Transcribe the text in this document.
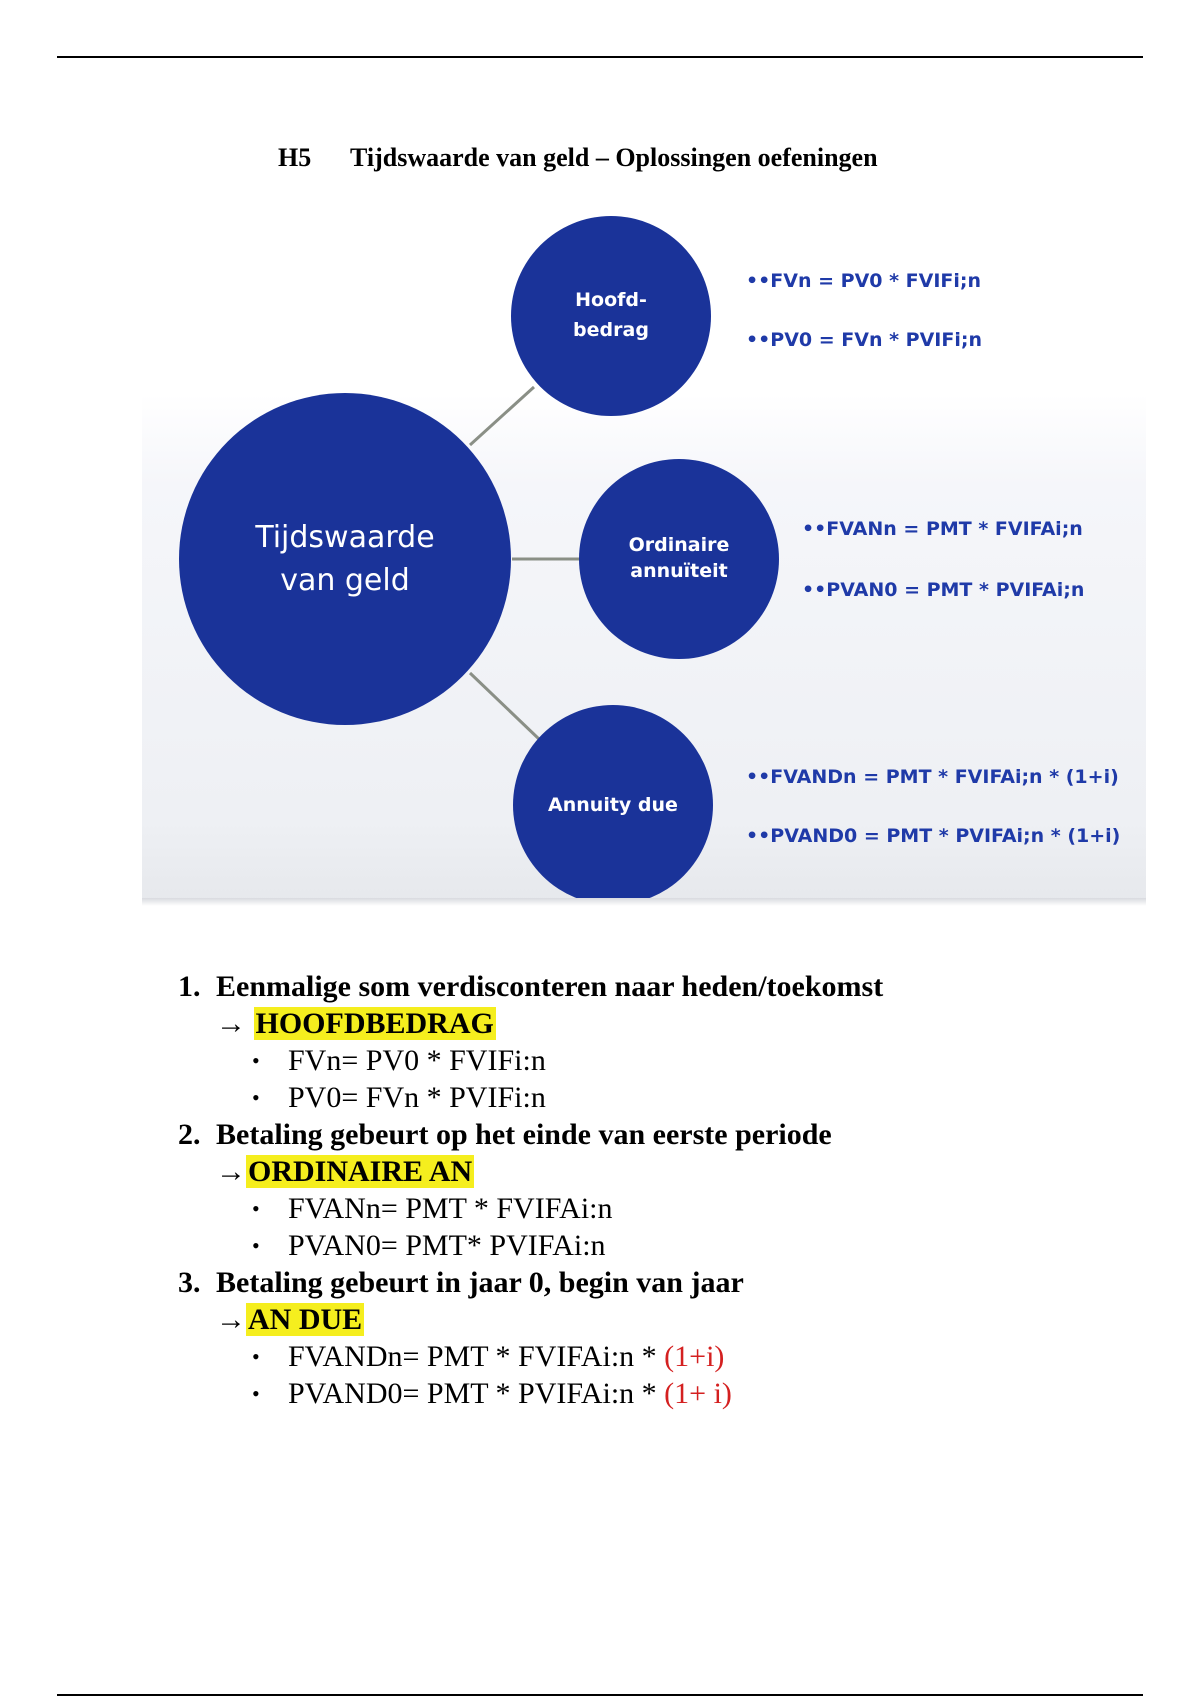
H5 Tijdswaarde van geld – Oplossingen oefeningen
Tijdswaarde
van geld
Hoofd-
bedrag
Ordinaire
annuïteit
Annuity due
••FVn = PV0 * FVIFi;n
••PV0 = FVn * PVIFi;n
••FVANn = PMT * FVIFAi;n
••PVAN0 = PMT * PVIFAi;n
••FVANDn = PMT * FVIFAi;n * (1+i)
••PVAND0 = PMT * PVIFAi;n * (1+i)
1. Eenmalige som verdisconteren naar heden/toekomst
→ HOOFDBEDRAG
• FVn= PV0 * FVIFi:n
• PV0= FVn * PVIFi:n
2. Betaling gebeurt op het einde van eerste periode
→ORDINAIRE AN
• FVANn= PMT * FVIFAi:n
• PVAN0= PMT* PVIFAi:n
3. Betaling gebeurt in jaar 0, begin van jaar
→AN DUE
• FVANDn= PMT * FVIFAi:n * (1+i)
• PVAND0= PMT * PVIFAi:n * (1+ i)
